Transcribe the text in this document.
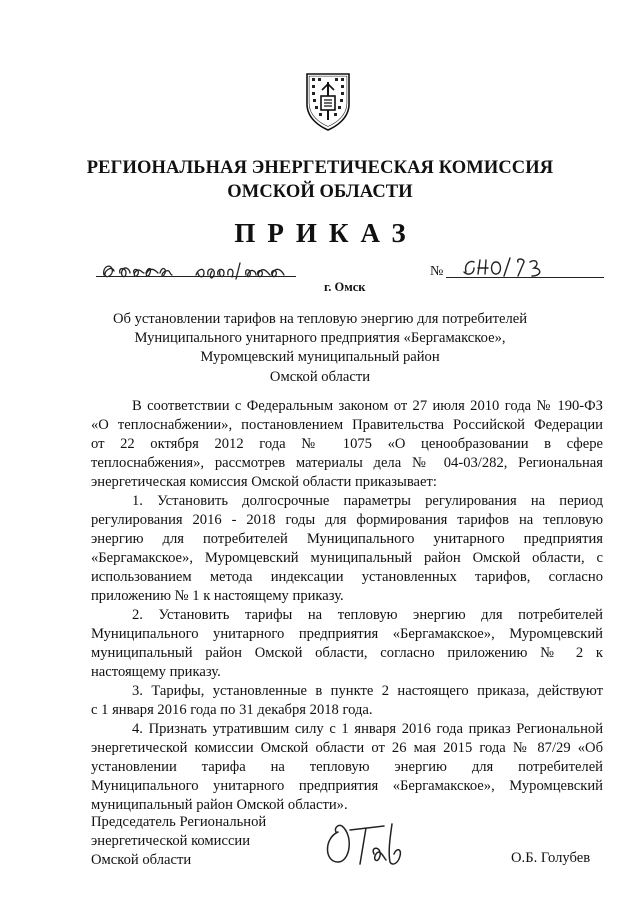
РЕГИОНАЛЬНАЯ ЭНЕРГЕТИЧЕСКАЯ КОМИССИЯ
ОМСКОЙ ОБЛАСТИ
ПРИКАЗ
г. Омск
№
Об установлении тарифов на тепловую энергию для потребителей
Муниципального унитарного предприятия «Бергамакское»,
Муромцевский муниципальный район
Омской области
В соответствии с Федеральным законом от 27 июля 2010 года № 190-ФЗ
«О теплоснабжении», постановлением Правительства Российской Федерации
от 22 октября 2012 года № 1075 «О ценообразовании в сфере
теплоснабжения», рассмотрев материалы дела № 04-03/282, Региональная
энергетическая комиссия Омской области приказывает:
1. Установить долгосрочные параметры регулирования на период
регулирования 2016 - 2018 годы для формирования тарифов на тепловую
энергию для потребителей Муниципального унитарного предприятия
«Бергамакское», Муромцевский муниципальный район Омской области, с
использованием метода индексации установленных тарифов, согласно
приложению № 1 к настоящему приказу.
2. Установить тарифы на тепловую энергию для потребителей
Муниципального унитарного предприятия «Бергамакское», Муромцевский
муниципальный район Омской области, согласно приложению № 2 к
настоящему приказу.
3. Тарифы, установленные в пункте 2 настоящего приказа, действуют
с 1 января 2016 года по 31 декабря 2018 года.
4. Признать утратившим силу с 1 января 2016 года приказ Региональной
энергетической комиссии Омской области от 26 мая 2015 года № 87/29 «Об
установлении тарифа на тепловую энергию для потребителей
Муниципального унитарного предприятия «Бергамакское», Муромцевский
муниципальный район Омской области».
Председатель Региональной
энергетической комиссии
Омской области	О.Б. Голубев
